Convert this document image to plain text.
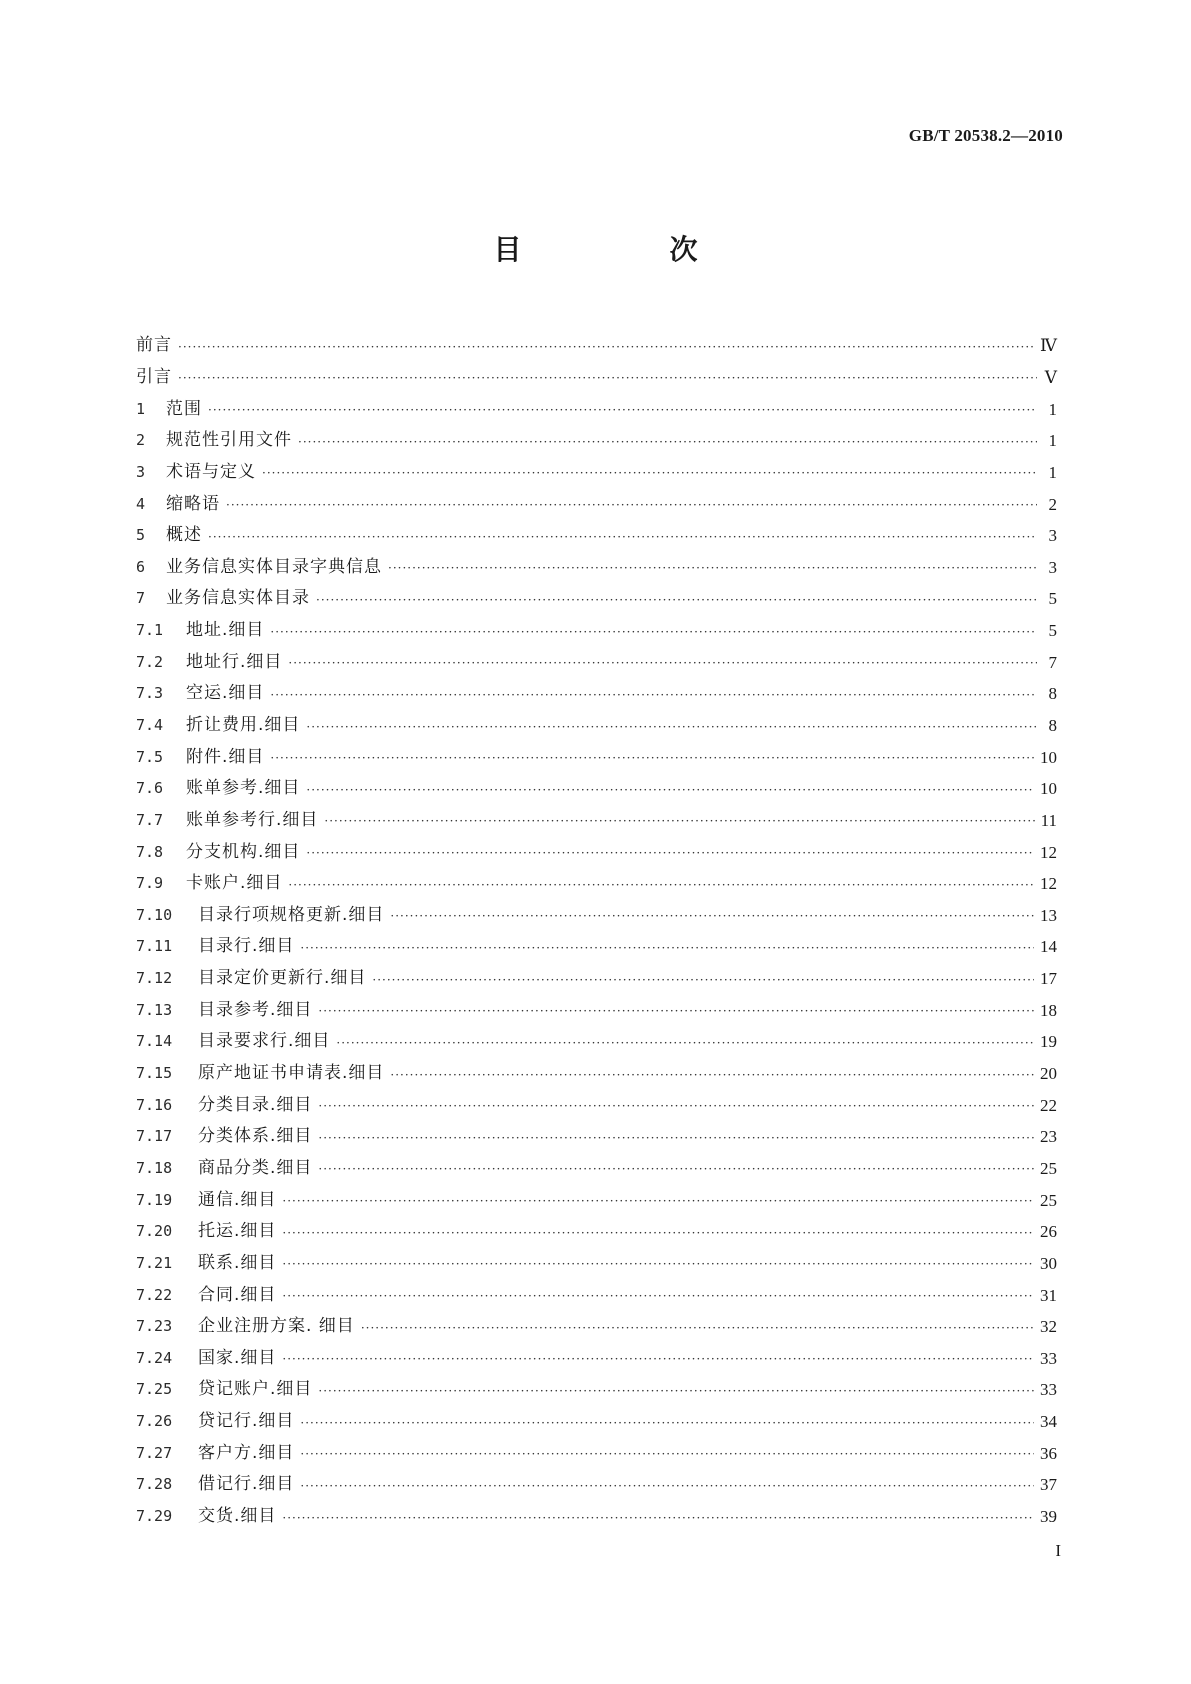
GB/T 20538.2—2010
目　次
前言 ·····	Ⅳ
引言 ·····	Ⅴ
1	范围 ·····	1
2	规范性引用文件 ·····	1
3	术语与定义 ·····	1
4	缩略语 ·····	2
5	概述 ·····	3
6	业务信息实体目录字典信息 ·····	3
7	业务信息实体目录 ·····	5
7.1	地址.细目 ·····	5
7.2	地址行.细目 ·····	7
7.3	空运.细目 ·····	8
7.4	折让费用.细目 ·····	8
7.5	附件.细目 ·····	10
7.6	账单参考.细目 ·····	10
7.7	账单参考行.细目 ·····	11
7.8	分支机构.细目 ·····	12
7.9	卡账户.细目 ·····	12
7.10	目录行项规格更新.细目 ·····	13
7.11	目录行.细目 ·····	14
7.12	目录定价更新行.细目 ·····	17
7.13	目录参考.细目 ·····	18
7.14	目录要求行.细目 ·····	19
7.15	原产地证书申请表.细目 ·····	20
7.16	分类目录.细目 ·····	22
7.17	分类体系.细目 ·····	23
7.18	商品分类.细目 ·····	25
7.19	通信.细目 ·····	25
7.20	托运.细目 ·····	26
7.21	联系.细目 ·····	30
7.22	合同.细目 ·····	31
7.23	企业注册方案. 细目 ·····	32
7.24	国家.细目 ·····	33
7.25	贷记账户.细目 ·····	33
7.26	贷记行.细目 ·····	34
7.27	客户方.细目 ·····	36
7.28	借记行.细目 ·····	37
7.29	交货.细目 ·····	39
I
